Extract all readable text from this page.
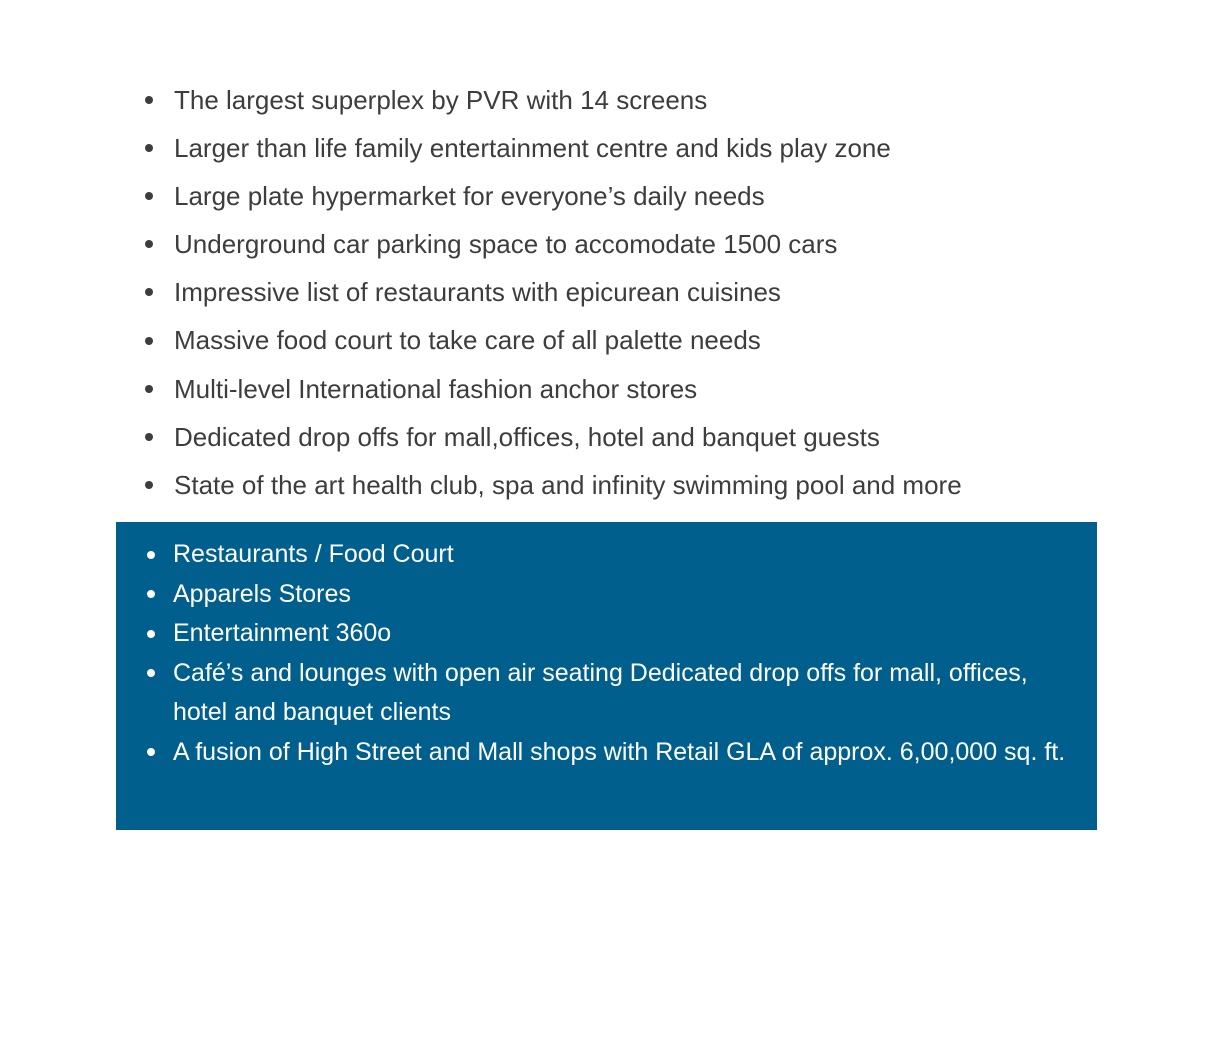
The largest superplex by PVR with 14 screens
Larger than life family entertainment centre and kids play zone
Large plate hypermarket for everyone’s daily needs
Underground car parking space to accomodate 1500 cars
Impressive list of restaurants with epicurean cuisines
Massive food court to take care of all palette needs
Multi-level International fashion anchor stores
Dedicated drop offs for mall,offices, hotel and banquet guests
State of the art health club, spa and infinity swimming pool and more
Restaurants / Food Court
Apparels Stores
Entertainment 360o
Café’s and lounges with open air seating Dedicated drop offs for mall, offices, hotel and banquet clients
A fusion of High Street and Mall shops with Retail GLA of approx. 6,00,000 sq. ft.
